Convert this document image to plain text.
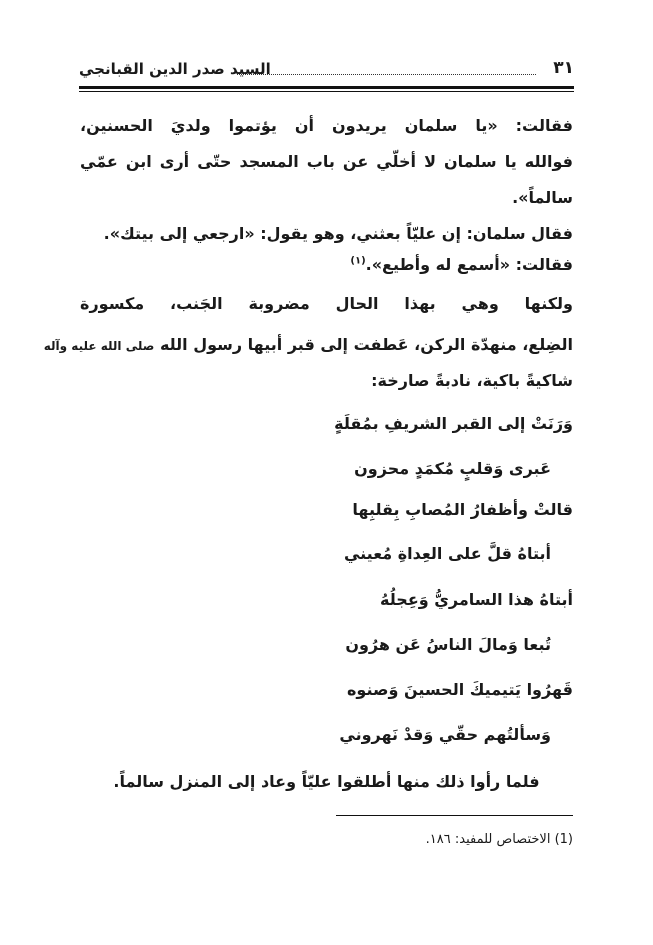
٣١
السيد صدر الدين القبانجي
فقالت: «يا سلمان يريدون أن يؤتموا ولديَ الحسنين،
فوالله يا سلمان لا أخلّي عن باب المسجد حتّى أرى ابن عمّي
سالماً».
فقال سلمان: إن عليّاً بعثني، وهو يقول: «ارجعي إلى بيتك».
فقالت: «أسمع له وأطيع».$^{(١)}$
ولكنها وهي بهذا الحال مضروبة الجَنب، مكسورة
الضِلع، منهدّة الركن، عَطفت إلى قبر أبيها رسول الله صلى الله عليه وآله
شاكيةً باكية، نادبةً صارخة:
وَرَنَتْ إلى القبر الشريفِ بمُقلَةٍ
عَبرى وَقلبٍ مُكمَدٍ محزون
قالتْ وأظفارُ المُصابِ بِقلبِها
أبتاهُ قلَّ على العِداةِ مُعيني
أبتاهُ هذا السامريُّ وَعِجلُهُ
تُبعا وَمالَ الناسُ عَن هرُون
قَهرُوا يَتيميكَ الحسينَ وَصنوه
وَسألتُهم حقّي وَقدْ نَهروني
فلما رأوا ذلك منها أطلقوا عليّاً وعاد إلى المنزل سالماً.
(1) الاختصاص للمفيد: ١٨٦.
